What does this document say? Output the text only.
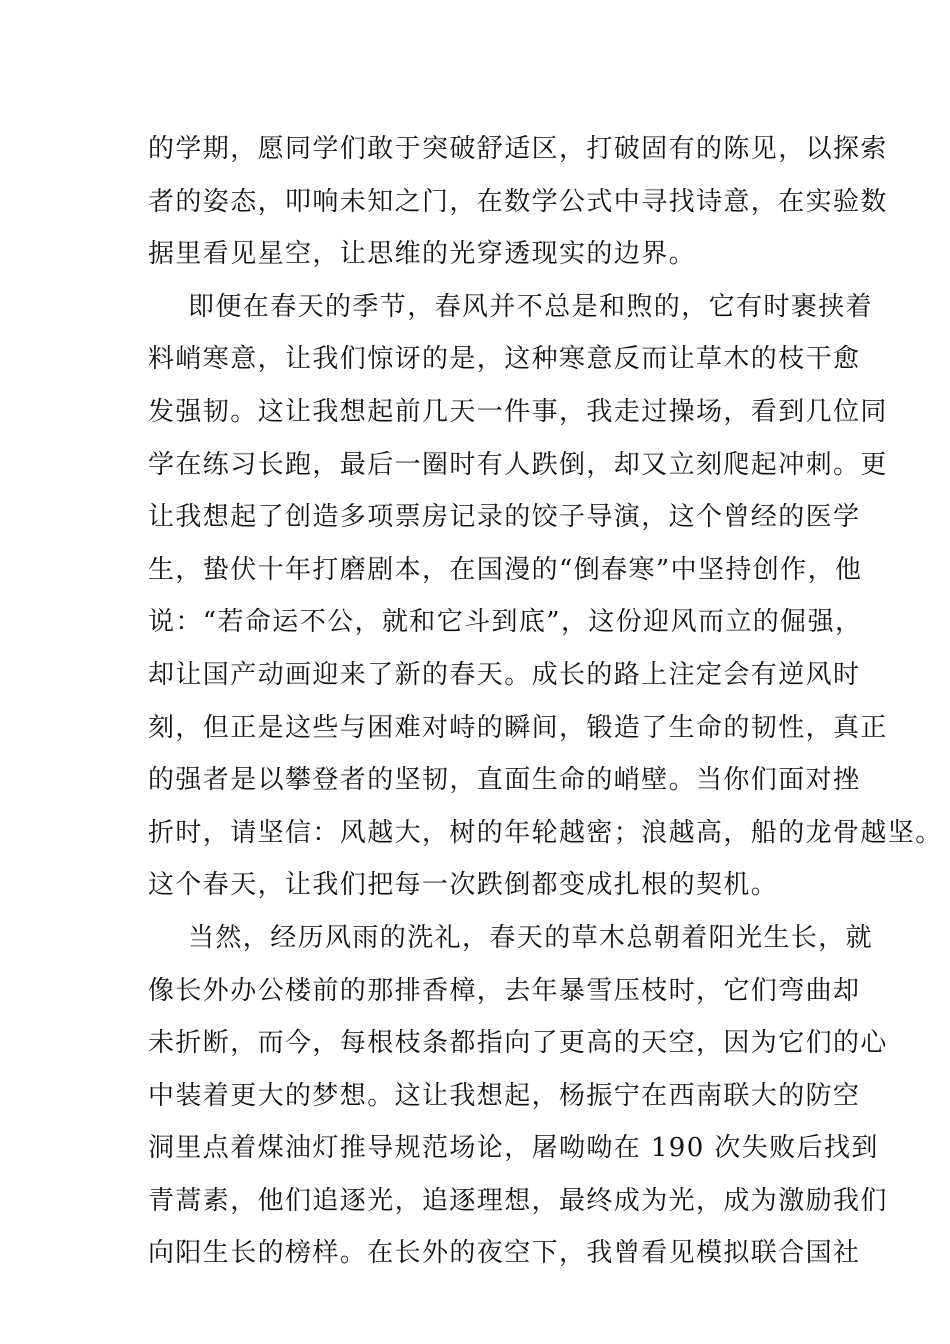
的学期，愿同学们敢于突破舒适区，打破固有的陈见，以探索
者的姿态，叩响未知之门，在数学公式中寻找诗意，在实验数
据里看见星空，让思维的光穿透现实的边界。
即便在春天的季节，春风并不总是和煦的，它有时裹挟着
料峭寒意，让我们惊讶的是，这种寒意反而让草木的枝干愈
发强韧。这让我想起前几天一件事，我走过操场，看到几位同
学在练习长跑，最后一圈时有人跌倒，却又立刻爬起冲刺。更
让我想起了创造多项票房记录的饺子导演，这个曾经的医学
生，蛰伏十年打磨剧本，在国漫的“倒春寒”中坚持创作，他
说：“若命运不公，就和它斗到底”，这份迎风而立的倔强，
却让国产动画迎来了新的春天。成长的路上注定会有逆风时
刻，但正是这些与困难对峙的瞬间，锻造了生命的韧性，真正
的强者是以攀登者的坚韧，直面生命的峭壁。当你们面对挫
折时，请坚信：风越大，树的年轮越密；浪越高，船的龙骨越坚。
这个春天，让我们把每一次跌倒都变成扎根的契机。
当然，经历风雨的洗礼，春天的草木总朝着阳光生长，就
像长外办公楼前的那排香樟，去年暴雪压枝时，它们弯曲却
未折断，而今，每根枝条都指向了更高的天空，因为它们的心
中装着更大的梦想。这让我想起，杨振宁在西南联大的防空
洞里点着煤油灯推导规范场论，屠呦呦在 190 次失败后找到
青蒿素，他们追逐光，追逐理想，最终成为光，成为激励我们
向阳生长的榜样。在长外的夜空下，我曾看见模拟联合国社
